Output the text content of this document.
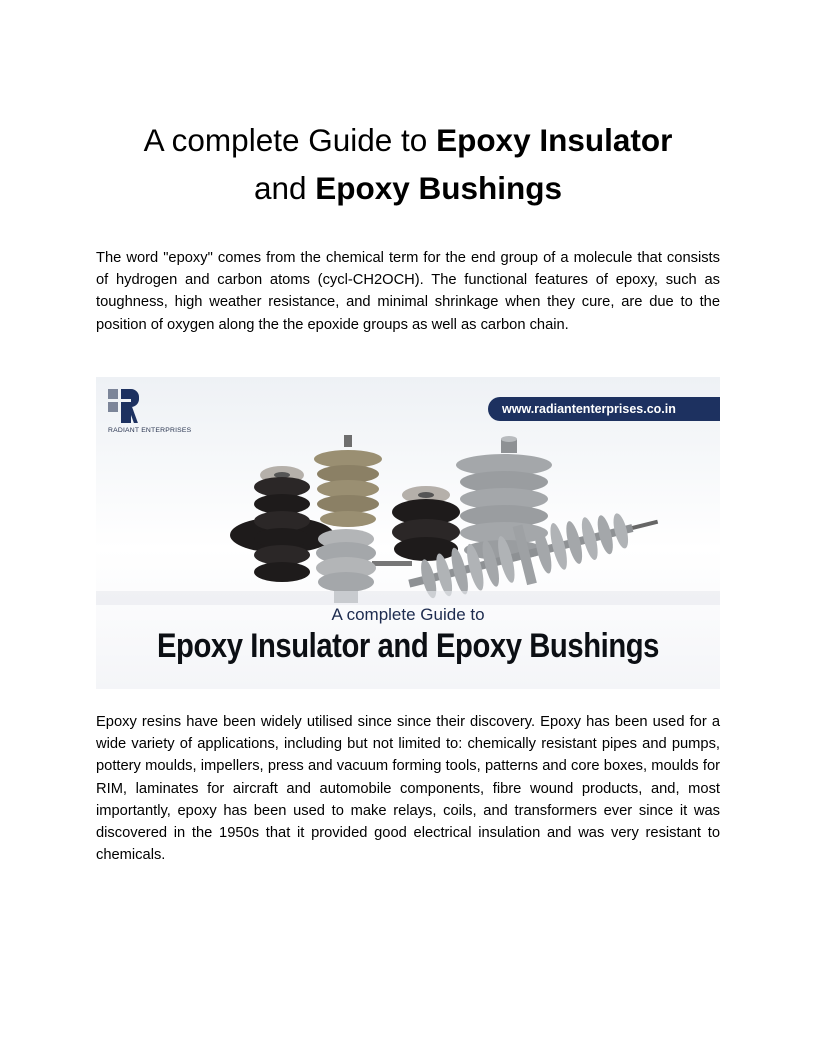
A complete Guide to Epoxy Insulator
and Epoxy Bushings

The word "epoxy" comes from the chemical term for the end group of a molecule that consists of hydrogen and carbon atoms (cycl-CH2OCH). The functional features of epoxy, such as toughness, high weather resistance, and minimal shrinkage when they cure, are due to the position of oxygen along the the epoxide groups as well as carbon chain.

RADIANT ENTERPRISES
www.radiantenterprises.co.in
A complete Guide to
Epoxy Insulator and Epoxy Bushings

Epoxy resins have been widely utilised since since their discovery. Epoxy has been used for a wide variety of applications, including but not limited to: chemically resistant pipes and pumps, pottery moulds, impellers, press and vacuum forming tools, patterns and core boxes, moulds for RIM, laminates for aircraft and automobile components, fibre wound products, and, most importantly, epoxy has been used to make relays, coils, and transformers ever since it was discovered in the 1950s that it provided good electrical insulation and was very resistant to chemicals.
